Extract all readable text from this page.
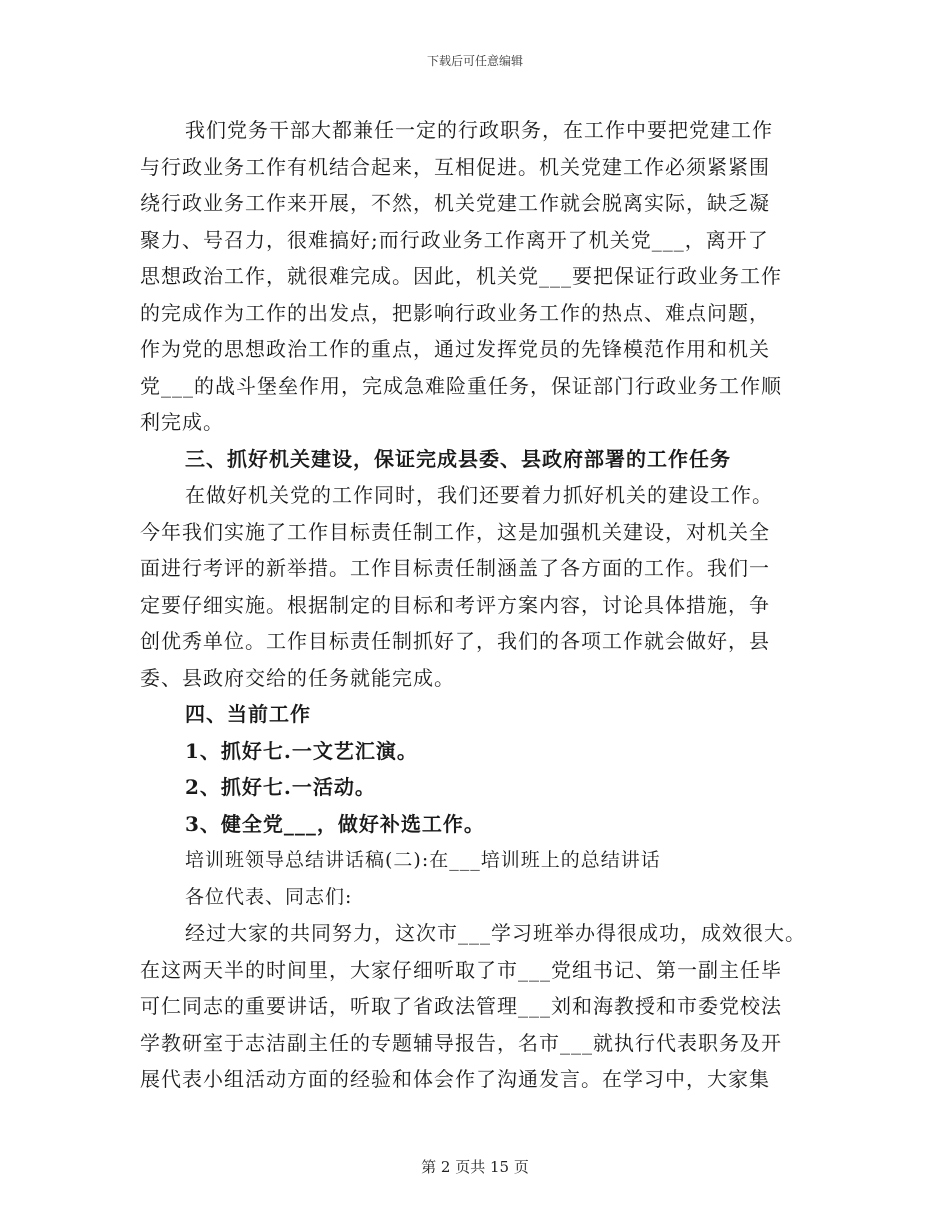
下载后可任意编辑
我们党务干部大都兼任一定的行政职务，在工作中要把党建工作
与行政业务工作有机结合起来，互相促进。机关党建工作必须紧紧围
绕行政业务工作来开展，不然，机关党建工作就会脱离实际，缺乏凝
聚力、号召力，很难搞好;而行政业务工作离开了机关党___，离开了
思想政治工作，就很难完成。因此，机关党___要把保证行政业务工作
的完成作为工作的出发点，把影响行政业务工作的热点、难点问题，
作为党的思想政治工作的重点，通过发挥党员的先锋模范作用和机关
党___的战斗堡垒作用，完成急难险重任务，保证部门行政业务工作顺
利完成。
三、抓好机关建设，保证完成县委、县政府部署的工作任务
在做好机关党的工作同时，我们还要着力抓好机关的建设工作。
今年我们实施了工作目标责任制工作，这是加强机关建设，对机关全
面进行考评的新举措。工作目标责任制涵盖了各方面的工作。我们一
定要仔细实施。根据制定的目标和考评方案内容，讨论具体措施，争
创优秀单位。工作目标责任制抓好了，我们的各项工作就会做好，县
委、县政府交给的任务就能完成。
四、当前工作
1、抓好七.一文艺汇演。
2、抓好七.一活动。
3、健全党___，做好补选工作。
培训班领导总结讲话稿(二):在___培训班上的总结讲话
各位代表、同志们:
经过大家的共同努力，这次市___学习班举办得很成功，成效很大。
在这两天半的时间里，大家仔细听取了市___党组书记、第一副主任毕
可仁同志的重要讲话，听取了省政法管理___刘和海教授和市委党校法
学教研室于志洁副主任的专题辅导报告，名市___就执行代表职务及开
展代表小组活动方面的经验和体会作了沟通发言。在学习中，大家集
第 2 页共 15 页
